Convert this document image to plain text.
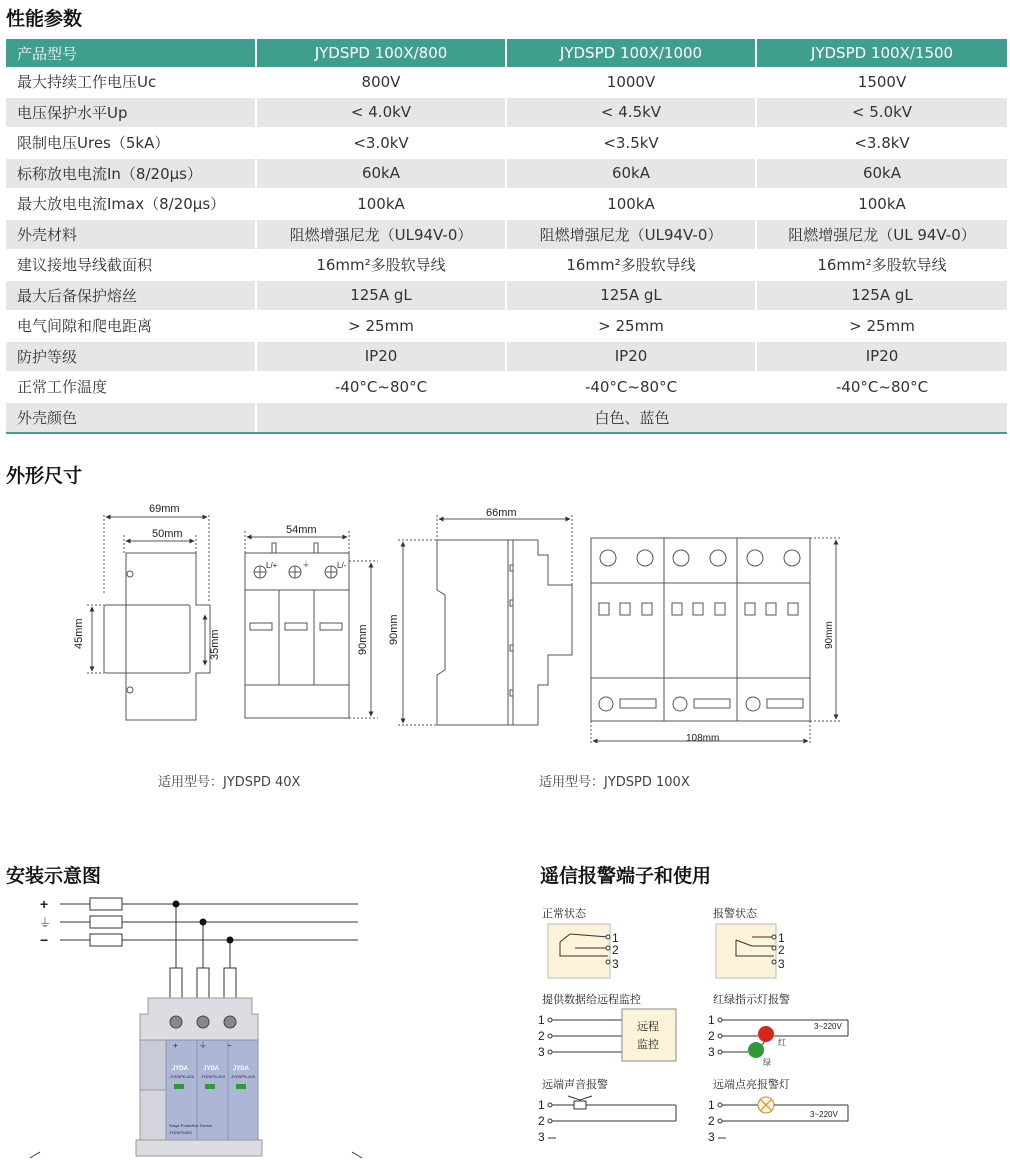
性能参数
产品型号	JYDSPD 100X/800	JYDSPD 100X/1000	JYDSPD 100X/1500
最大持续工作电压Uc	800V	1000V	1500V
电压保护水平Up	< 4.0kV	< 4.5kV	< 5.0kV
限制电压Ures（5kA）	<3.0kV	<3.5kV	<3.8kV
标称放电电流In（8/20μs）	60kA	60kA	60kA
最大放电电流Imax（8/20μs）	100kA	100kA	100kA
外壳材料	阻燃增强尼龙（UL94V-0）	阻燃增强尼龙（UL94V-0）	阻燃增强尼龙（UL 94V-0）
建议接地导线截面积	16mm²多股软导线	16mm²多股软导线	16mm²多股软导线
最大后备保护熔丝	125A gL	125A gL	125A gL
电气间隙和爬电距离	> 25mm	> 25mm	> 25mm
防护等级	IP20	IP20	IP20
正常工作温度	-40°C~80°C	-40°C~80°C	-40°C~80°C
外壳颜色	白色、蓝色		
外形尺寸
69mm
50mm
45mm	35mm
54mm
90mm 90mm
66mm
90mm
108mm
L/+	⏚	L/-
适用型号：JYDSPD 40X	适用型号：JYDSPD 100X
安装示意图
+
⏚
−
JYDA JYDA JYDA
JYDSPD-40X JYDSPD-40X JYDSPD-40X
Surge Protective Device
JYDSPD40X
+	⏚	−
遥信报警端子和使用
正常状态	报警状态
提供数据给远程监控	红绿指示灯报警
远端声音报警	远端点亮报警灯
1
2
3
1
2
3
1
2
3
远程
监控
1
2
3
红
绿
3~220V
1
2
3
1
2
3
3~220V
